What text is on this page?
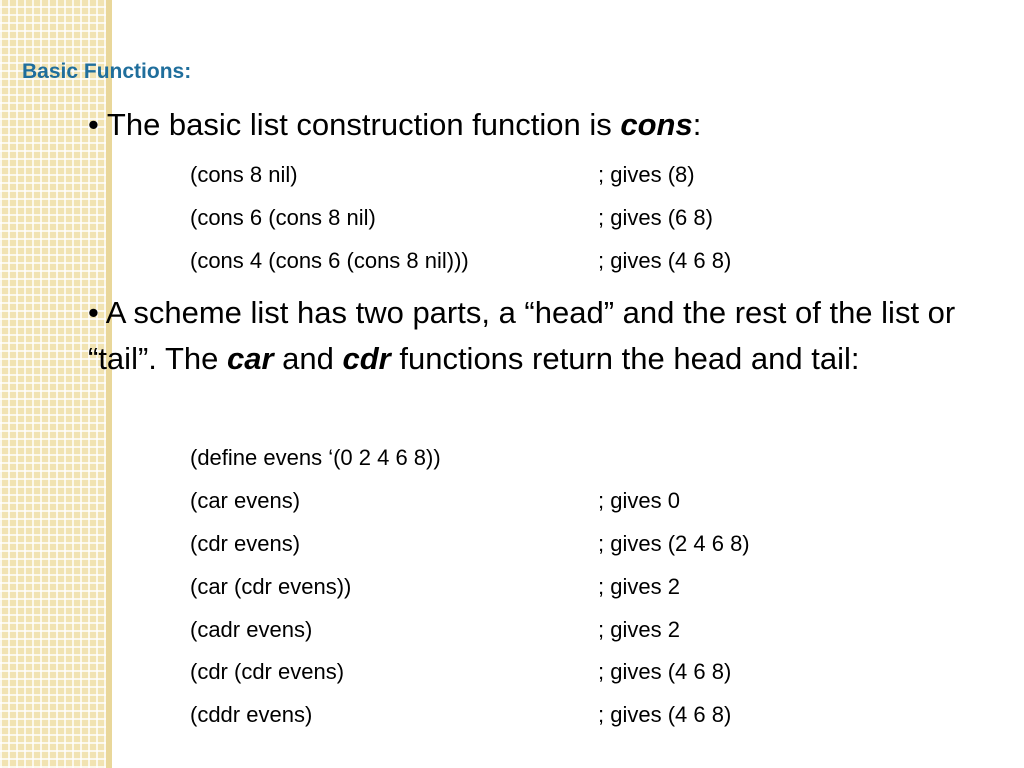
Basic Functions:
• The basic list construction function is cons:
(cons 8 nil)	; gives (8)
(cons 6 (cons 8 nil)	; gives (6 8)
(cons 4 (cons 6 (cons 8 nil)))	; gives (4 6 8)
• A scheme list has two parts, a “head” and the rest of the list or “tail”. The car and cdr functions return the head and tail:
(define evens ‘(0 2 4 6 8))
(car evens)	; gives 0
(cdr evens)	; gives (2 4 6 8)
(car (cdr evens))	; gives 2
(cadr evens)	; gives 2
(cdr (cdr evens)	; gives (4 6 8)
(cddr evens)	; gives (4 6 8)
